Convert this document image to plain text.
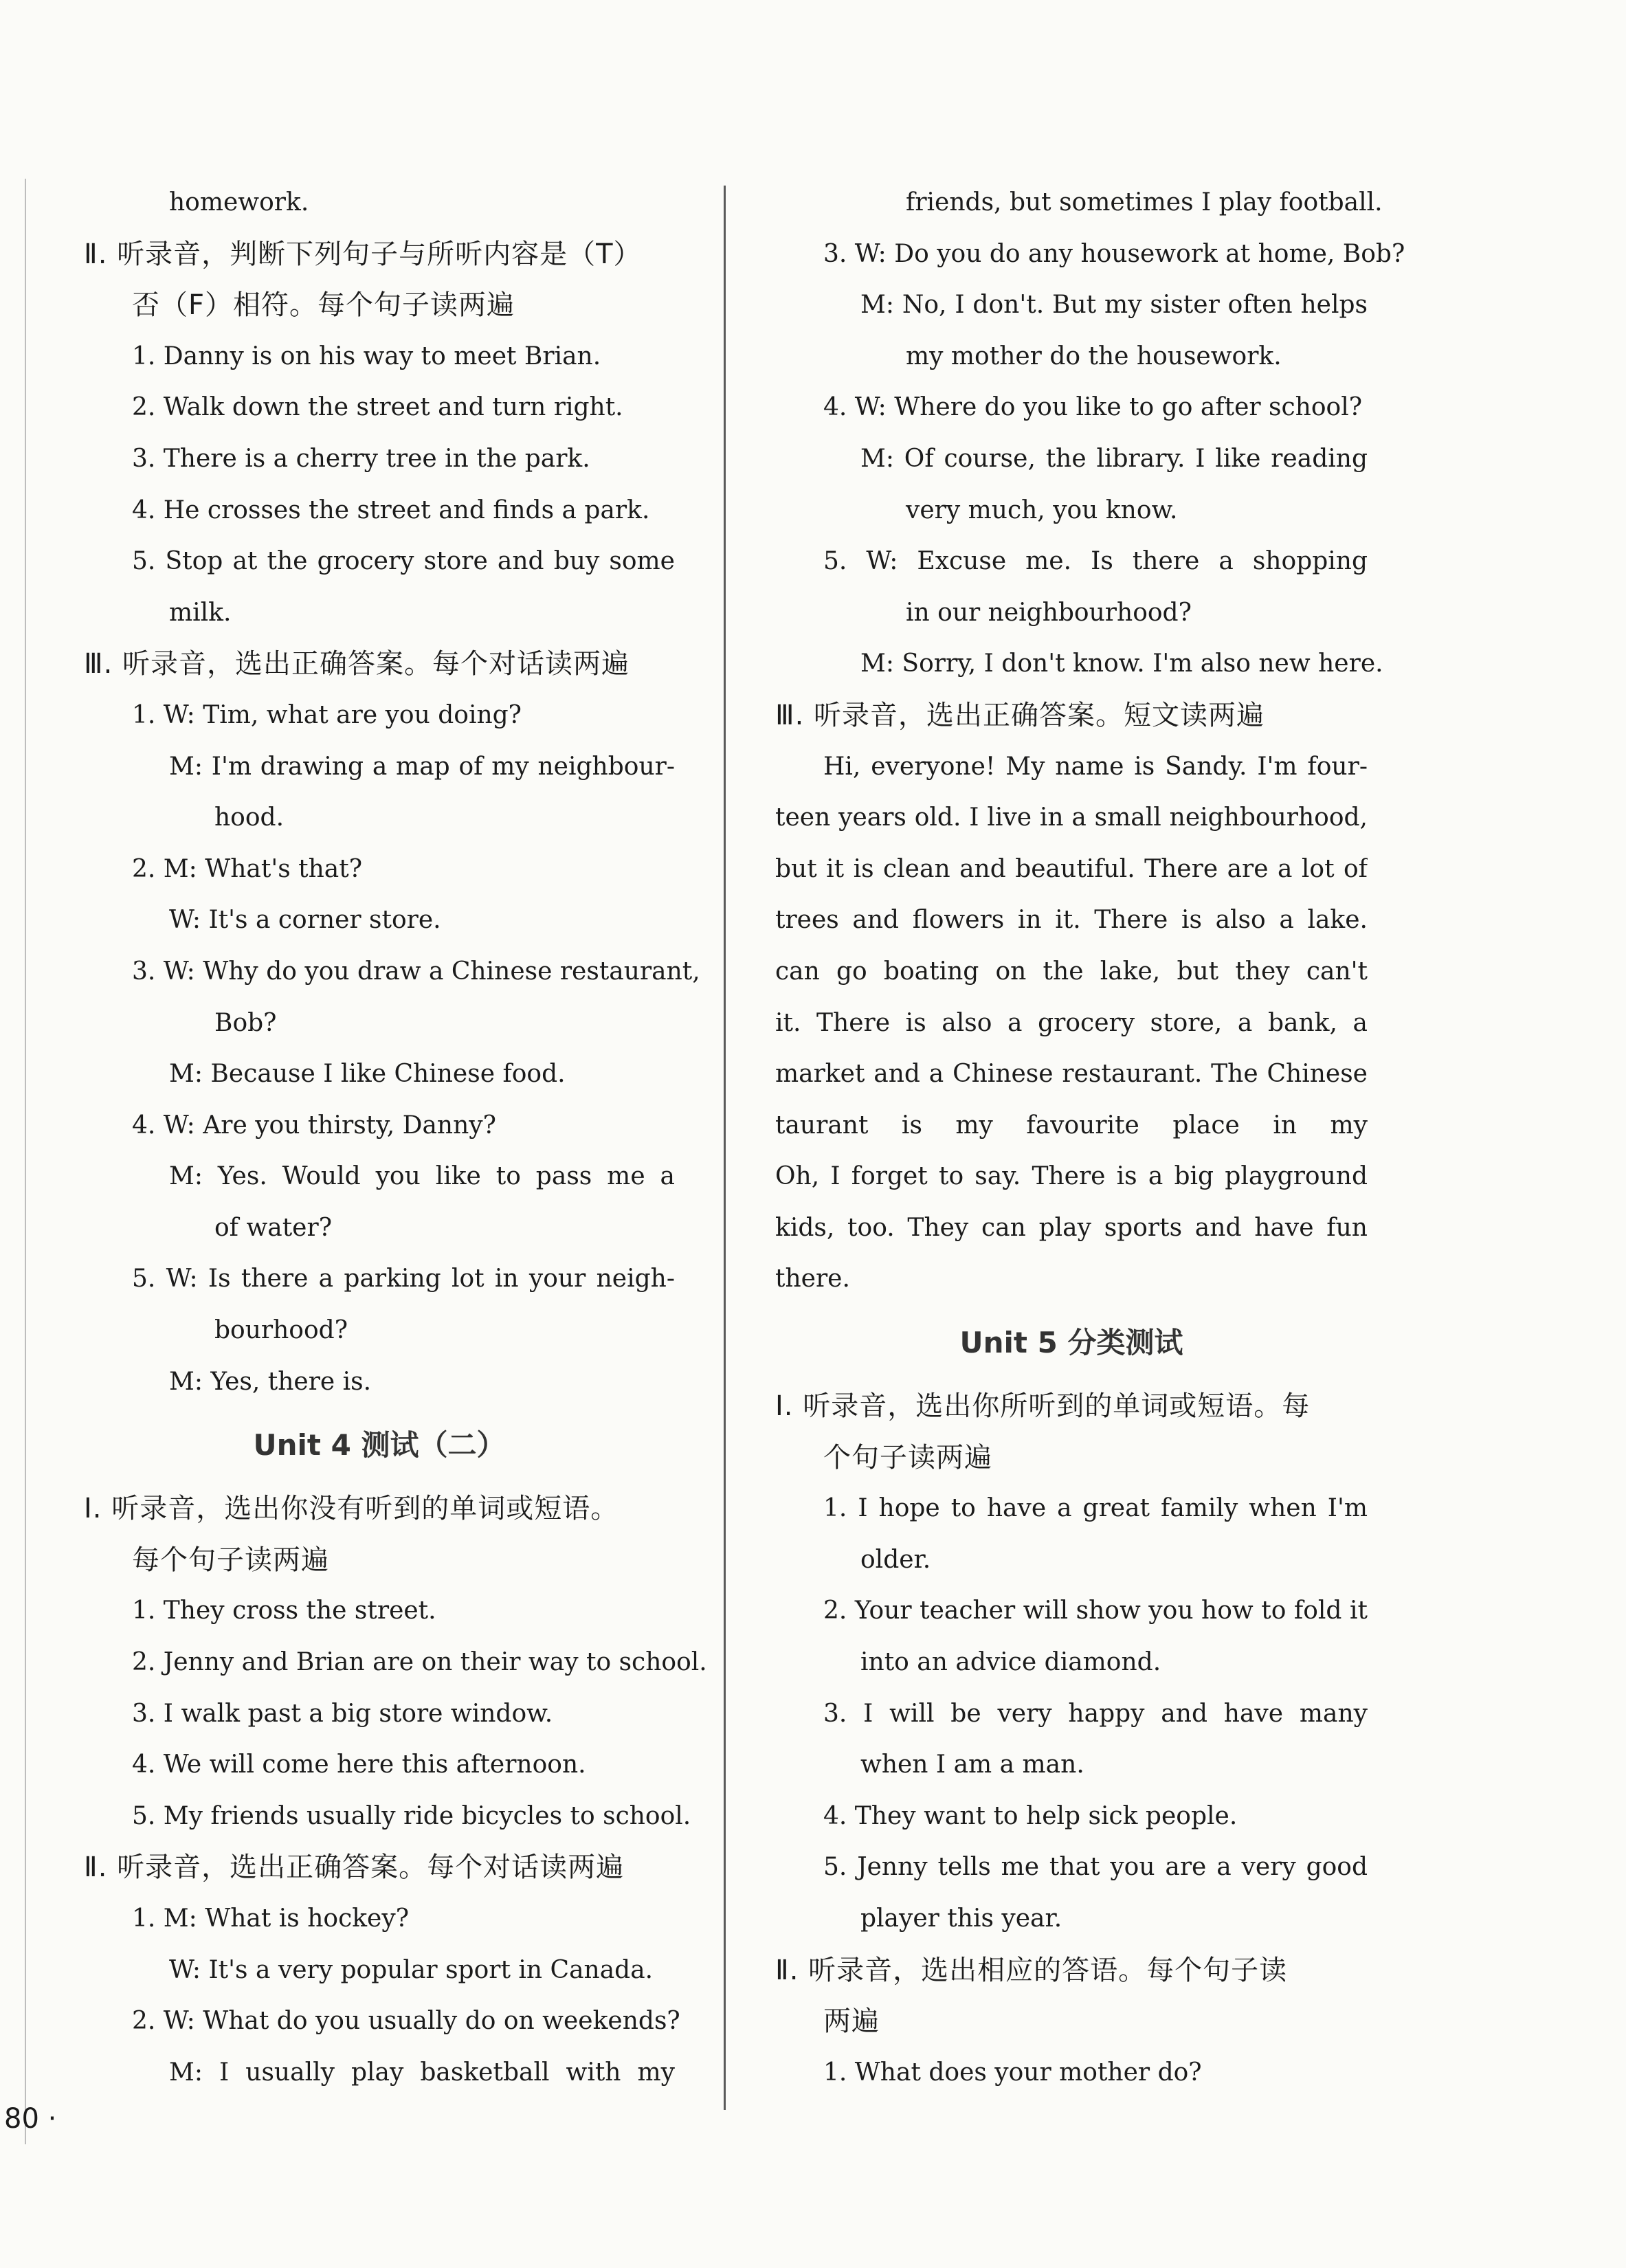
homework.
Ⅱ. 听录音，判断下列句子与所听内容是（T）
否（F）相符。每个句子读两遍
1. Danny is on his way to meet Brian.
2. Walk down the street and turn right.
3. There is a cherry tree in the park.
4. He crosses the street and finds a park.
5. Stop at the grocery store and buy some
milk.
Ⅲ. 听录音，选出正确答案。每个对话读两遍
1. W: Tim, what are you doing?
M: I'm drawing a map of my neighbour-
hood.
2. M: What's that?
W: It's a corner store.
3. W: Why do you draw a Chinese restaurant,
Bob?
M: Because I like Chinese food.
4. W: Are you thirsty, Danny?
M: Yes. Would you like to pass me a
of water?
5. W: Is there a parking lot in your neigh-
bourhood?
M: Yes, there is.
Unit 4 测试（二）
Ⅰ. 听录音，选出你没有听到的单词或短语。
每个句子读两遍
1. They cross the street.
2. Jenny and Brian are on their way to school.
3. I walk past a big store window.
4. We will come here this afternoon.
5. My friends usually ride bicycles to school.
Ⅱ. 听录音，选出正确答案。每个对话读两遍
1. M: What is hockey?
W: It's a very popular sport in Canada.
2. W: What do you usually do on weekends?
M: I usually play basketball with my
friends, but sometimes I play football.
3. W: Do you do any housework at home, Bob?
M: No, I don't. But my sister often helps
my mother do the housework.
4. W: Where do you like to go after school?
M: Of course, the library. I like reading
very much, you know.
5. W: Excuse me. Is there a shopping
in our neighbourhood?
M: Sorry, I don't know. I'm also new here.
Ⅲ. 听录音，选出正确答案。短文读两遍
Hi, everyone! My name is Sandy. I'm four-
teen years old. I live in a small neighbourhood,
but it is clean and beautiful. There are a lot of
trees and flowers in it. There is also a lake.
can go boating on the lake, but they can't
it. There is also a grocery store, a bank, a
market and a Chinese restaurant. The Chinese
taurant is my favourite place in my
Oh, I forget to say. There is a big playground
kids, too. They can play sports and have fun
there.
Unit 5 分类测试
Ⅰ. 听录音，选出你所听到的单词或短语。每
个句子读两遍
1. I hope to have a great family when I'm
older.
2. Your teacher will show you how to fold it
into an advice diamond.
3. I will be very happy and have many
when I am a man.
4. They want to help sick people.
5. Jenny tells me that you are a very good
player this year.
Ⅱ. 听录音，选出相应的答语。每个句子读
两遍
1. What does your mother do?
80 ·
